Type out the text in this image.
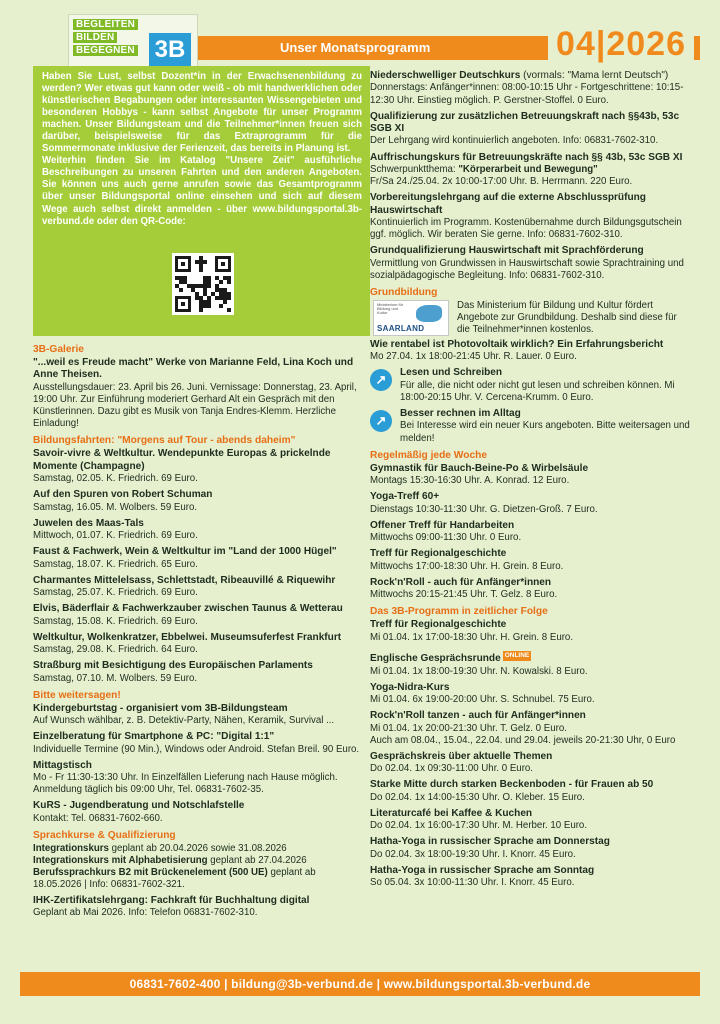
Unser Monatsprogramm	04|2026
BEGLEITEN
BILDEN
BEGEGNEN 3B
Haben Sie Lust, selbst Dozent*in in der Erwachsenenbildung zu werden? Wer etwas gut kann oder weiß - ob mit handwerklichen oder künstlerischen Begabungen oder interessanten Wissengebieten und besonderen Hobbys - kann selbst Angebote für unser Programm machen. Unser Bildungsteam und die Teilnehmer*innen freuen sich darüber, beispielsweise für das Extraprogramm für die Sommermonate inklusive der Ferienzeit, das bereits in Planung ist.
Weiterhin finden Sie im Katalog "Unsere Zeit" ausführliche Beschreibungen zu unseren Fahrten und den anderen Angeboten. Sie können uns auch gerne anrufen sowie das Gesamtprogramm über unser Bildungsportal online einsehen und sich auf diesem Wege auch selbst direkt anmelden - über www.bildungsportal.3b-verbund.de oder den QR-Code:
3B-Galerie
"...weil es Freude macht" Werke von Marianne Feld, Lina Koch und Anne Theisen.
Ausstellungsdauer: 23. April bis 26. Juni. Vernissage: Donnerstag, 23. April, 19:00 Uhr. Zur Einführung moderiert Gerhard Alt ein Gespräch mit den Künstlerinnen. Dazu gibt es Musik von Tanja Endres-Klemm. Herzliche Einladung!
Bildungsfahrten: "Morgens auf Tour - abends daheim"
Savoir-vivre & Weltkultur. Wendepunkte Europas & prickelnde Momente (Champagne)
Samstag, 02.05. K. Friedrich. 69 Euro.
Auf den Spuren von Robert Schuman
Samstag, 16.05. M. Wolbers. 59 Euro.
Juwelen des Maas-Tals
Mittwoch, 01.07. K. Friedrich. 69 Euro.
Faust & Fachwerk, Wein & Weltkultur im "Land der 1000 Hügel"
Samstag, 18.07. K. Friedrich. 65 Euro.
Charmantes Mittelelsass, Schlettstadt, Ribeauvillé & Riquewihr
Samstag, 25.07. K. Friedrich. 69 Euro.
Elvis, Bäderflair & Fachwerkzauber zwischen Taunus & Wetterau
Samstag, 15.08. K. Friedrich. 69 Euro.
Weltkultur, Wolkenkratzer, Ebbelwei. Museumsuferfest Frankfurt
Samstag, 29.08. K. Friedrich. 64 Euro.
Straßburg mit Besichtigung des Europäischen Parlaments
Samstag, 07.10. M. Wolbers. 59 Euro.
Bitte weitersagen!
Kindergeburtstag - organisiert vom 3B-Bildungsteam
Auf Wunsch wählbar, z. B. Detektiv-Party, Nähen, Keramik, Survival ...
Einzelberatung für Smartphone & PC: "Digital 1:1"
Individuelle Termine (90 Min.), Windows oder Android. Stefan Breil. 90 Euro.
Mittagstisch
Mo - Fr 11:30-13:30 Uhr. In Einzelfällen Lieferung nach Hause möglich. Anmeldung täglich bis 09:00 Uhr, Tel. 06831-7602-35.
KuRS - Jugendberatung und Notschlafstelle
Kontakt: Tel. 06831-7602-660.
Sprachkurse & Qualifizierung
Integrationskurs geplant ab 20.04.2026 sowie 31.08.2026
Integrationskurs mit Alphabetisierung geplant ab 27.04.2026
Berufssprachkurs B2 mit Brückenelement (500 UE) geplant ab 18.05.2026 | Info: 06831-7602-321.
IHK-Zertifikatslehrgang: Fachkraft für Buchhaltung digital
Geplant ab Mai 2026. Info: Telefon 06831-7602-310.
Niederschwelliger Deutschkurs (vormals: "Mama lernt Deutsch")
Donnerstags: Anfänger*innen: 08:00-10:15 Uhr - Fortgeschrittene: 10:15-12:30 Uhr. Einstieg möglich. P. Gerstner-Stoffel. 0 Euro.
Qualifizierung zur zusätzlichen Betreuungskraft nach §§43b, 53c SGB XI
Der Lehrgang wird kontinuierlich angeboten. Info: 06831-7602-310.
Auffrischungskurs für Betreuungskräfte nach §§ 43b, 53c SGB XI
Schwerpunktthema: "Körperarbeit und Bewegung"
Fr/Sa 24./25.04. 2x 10:00-17:00 Uhr. B. Herrmann. 220 Euro.
Vorbereitungslehrgang auf die externe Abschlussprüfung Hauswirtschaft
Kontinuierlich im Programm. Kostenübernahme durch Bildungsgutschein ggf. möglich. Wir beraten Sie gerne. Info: 06831-7602-310.
Grundqualifizierung Hauswirtschaft mit Sprachförderung
Vermittlung von Grundwissen in Hauswirtschaft sowie Sprachtraining und sozialpädagogische Begleitung. Info: 06831-7602-310.
Grundbildung
Ministerium für Bildung und Kultur
SAARLAND
Das Ministerium für Bildung und Kultur fördert Angebote zur Grundbildung. Deshalb sind diese für die Teilnehmer*innen kostenlos.
Wie rentabel ist Photovoltaik wirklich? Ein Erfahrungsbericht
Mo 27.04. 1x 18:00-21:45 Uhr. R. Lauer. 0 Euro.
↗	Lesen und Schreiben
Für alle, die nicht oder nicht gut lesen und schreiben können. Mi 18:00-20:15 Uhr. V. Cercena-Krumm. 0 Euro.
↗	Besser rechnen im Alltag
Bei Interesse wird ein neuer Kurs angeboten. Bitte weitersagen und melden!
Regelmäßig jede Woche
Gymnastik für Bauch-Beine-Po & Wirbelsäule
Montags 15:30-16:30 Uhr. A. Konrad. 12 Euro.
Yoga-Treff 60+
Dienstags 10:30-11:30 Uhr. G. Dietzen-Groß. 7 Euro.
Offener Treff für Handarbeiten
Mittwochs 09:00-11:30 Uhr. 0 Euro.
Treff für Regionalgeschichte
Mittwochs 17:00-18:30 Uhr. H. Grein. 8 Euro.
Rock'n'Roll - auch für Anfänger*innen
Mittwochs 20:15-21:45 Uhr. T. Gelz. 8 Euro.
Das 3B-Programm in zeitlicher Folge
Treff für Regionalgeschichte
Mi 01.04. 1x 17:00-18:30 Uhr. H. Grein. 8 Euro.
Englische Gesprächsrunde ONLINE
Mi 01.04. 1x 18:00-19:30 Uhr. N. Kowalski. 8 Euro.
Yoga-Nidra-Kurs
Mi 01.04. 6x 19:00-20:00 Uhr. S. Schnubel. 75 Euro.
Rock'n'Roll tanzen - auch für Anfänger*innen
Mi 01.04. 1x 20:00-21:30 Uhr. T. Gelz. 0 Euro.
Auch am 08.04., 15.04., 22.04. und 29.04. jeweils 20-21:30 Uhr, 0 Euro
Gesprächskreis über aktuelle Themen
Do 02.04. 1x 09:30-11:00 Uhr. 0 Euro.
Starke Mitte durch starken Beckenboden - für Frauen ab 50
Do 02.04. 1x 14:00-15:30 Uhr. O. Kleber. 15 Euro.
Literaturcafé bei Kaffee & Kuchen
Do 02.04. 1x 16:00-17:30 Uhr. M. Herber. 10 Euro.
Hatha-Yoga in russischer Sprache am Donnerstag
Do 02.04. 3x 18:00-19:30 Uhr. I. Knorr. 45 Euro.
Hatha-Yoga in russischer Sprache am Sonntag
So 05.04. 3x 10:00-11:30 Uhr. I. Knorr. 45 Euro.
06831-7602-400 | bildung@3b-verbund.de | www.bildungsportal.3b-verbund.de
